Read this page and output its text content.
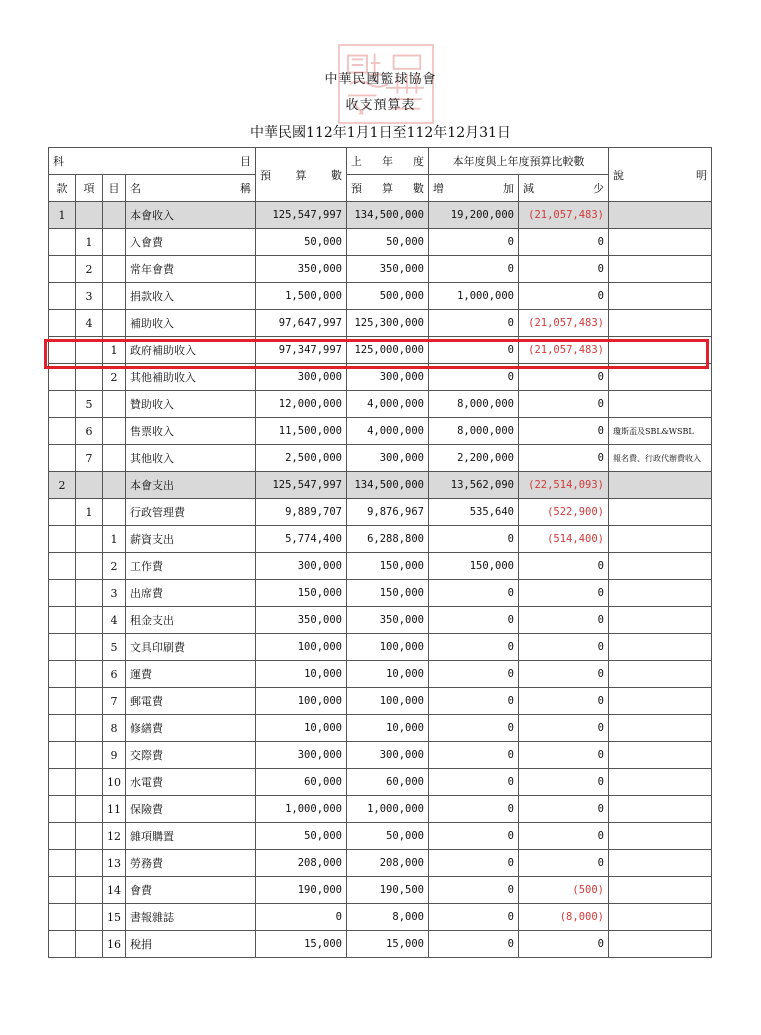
中華民國籃球協會
收支預算表
中華民國112年1月1日至112年12月31日
科 目				預 算 數	上 年 度	本年度與上年度預算比較數		說 明

款	項	目	名 稱		預 算 數	增 加	減 少	

1			本會收入	125,547,997	134,500,000	19,200,000	(21,057,483)	
	1		入會費	50,000	50,000	0	0	
	2		常年會費	350,000	350,000	0	0	
	3		捐款收入	1,500,000	500,000	1,000,000	0	
	4		補助收入	97,647,997	125,300,000	0	(21,057,483)	
		1	政府補助收入	97,347,997	125,000,000	0	(21,057,483)	
		2	其他補助收入	300,000	300,000	0	0	
	5		贊助收入	12,000,000	4,000,000	8,000,000	0	
	6		售票收入	11,500,000	4,000,000	8,000,000	0	瓊斯盃及SBL&WSBL
	7		其他收入	2,500,000	300,000	2,200,000	0	報名費、行政代辦費收入
2			本會支出	125,547,997	134,500,000	13,562,090	(22,514,093)	
	1		行政管理費	9,889,707	9,876,967	535,640	(522,900)	
		1	薪資支出	5,774,400	6,288,800	0	(514,400)	
		2	工作費	300,000	150,000	150,000	0	
		3	出席費	150,000	150,000	0	0	
		4	租金支出	350,000	350,000	0	0	
		5	文具印刷費	100,000	100,000	0	0	
		6	運費	10,000	10,000	0	0	
		7	郵電費	100,000	100,000	0	0	
		8	修繕費	10,000	10,000	0	0	
		9	交際費	300,000	300,000	0	0	
		10	水電費	60,000	60,000	0	0	
		11	保險費	1,000,000	1,000,000	0	0	
		12	雜項購置	50,000	50,000	0	0	
		13	勞務費	208,000	208,000	0	0	
		14	會費	190,000	190,500	0	(500)	
		15	書報雜誌	0	8,000	0	(8,000)	
		16	稅捐	15,000	15,000	0	0	
